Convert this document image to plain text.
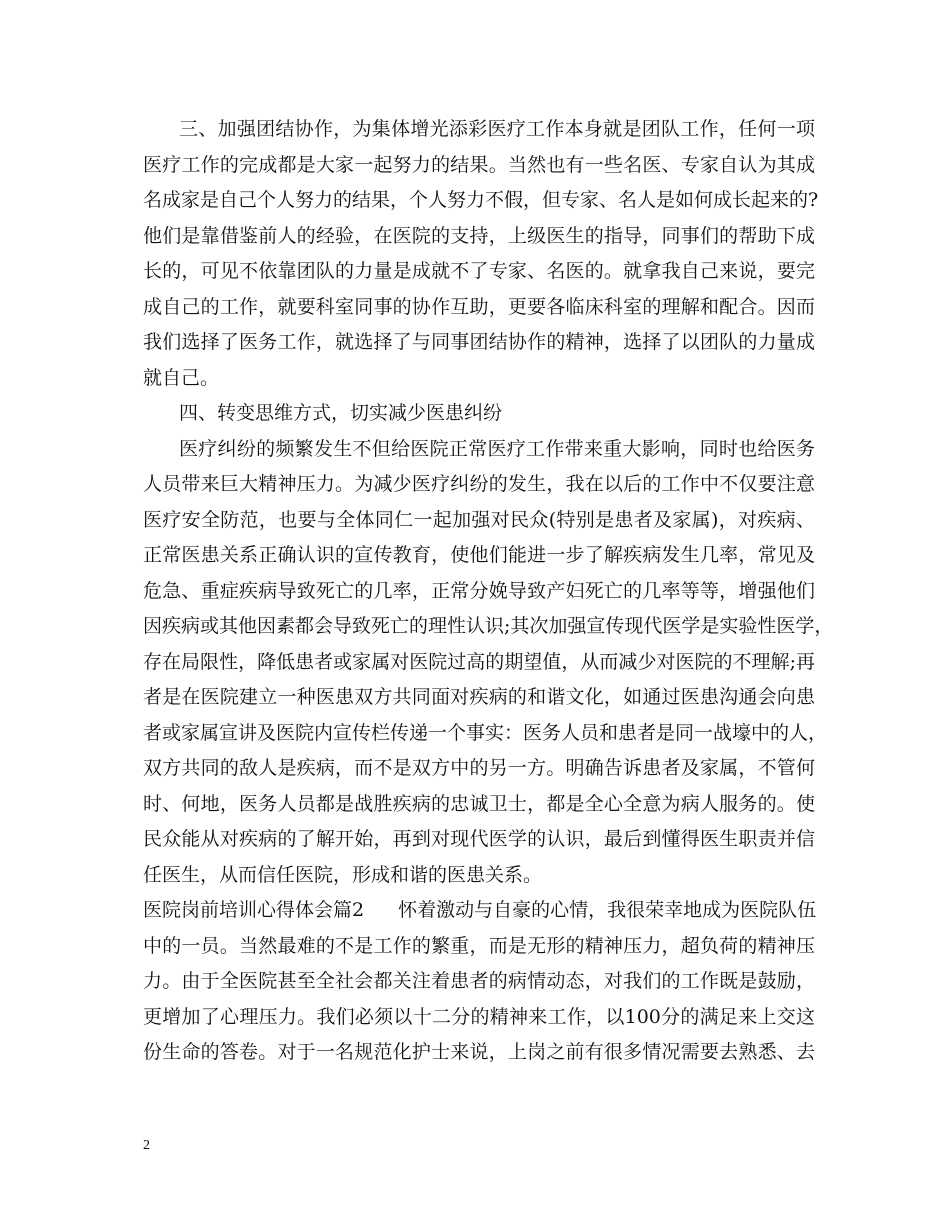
三、加强团结协作，为集体增光添彩医疗工作本身就是团队工作，任何一项
医疗工作的完成都是大家一起努力的结果。当然也有一些名医、专家自认为其成
名成家是自己个人努力的结果，个人努力不假，但专家、名人是如何成长起来的?
他们是靠借鉴前人的经验，在医院的支持，上级医生的指导，同事们的帮助下成
长的，可见不依靠团队的力量是成就不了专家、名医的。就拿我自己来说，要完
成自己的工作，就要科室同事的协作互助，更要各临床科室的理解和配合。因而
我们选择了医务工作，就选择了与同事团结协作的精神，选择了以团队的力量成
就自己。
四、转变思维方式，切实减少医患纠纷
医疗纠纷的频繁发生不但给医院正常医疗工作带来重大影响，同时也给医务
人员带来巨大精神压力。为减少医疗纠纷的发生，我在以后的工作中不仅要注意
医疗安全防范，也要与全体同仁一起加强对民众(特别是患者及家属)，对疾病、
正常医患关系正确认识的宣传教育，使他们能进一步了解疾病发生几率，常见及
危急、重症疾病导致死亡的几率，正常分娩导致产妇死亡的几率等等，增强他们
因疾病或其他因素都会导致死亡的理性认识;其次加强宣传现代医学是实验性医学，
存在局限性，降低患者或家属对医院过高的期望值，从而减少对医院的不理解;再
者是在医院建立一种医患双方共同面对疾病的和谐文化，如通过医患沟通会向患
者或家属宣讲及医院内宣传栏传递一个事实：医务人员和患者是同一战壕中的人，
双方共同的敌人是疾病，而不是双方中的另一方。明确告诉患者及家属，不管何
时、何地，医务人员都是战胜疾病的忠诚卫士，都是全心全意为病人服务的。使
民众能从对疾病的了解开始，再到对现代医学的认识，最后到懂得医生职责并信
任医生，从而信任医院，形成和谐的医患关系。
医院岗前培训心得体会篇2 怀着激动与自豪的心情，我很荣幸地成为医院队伍
中的一员。当然最难的不是工作的繁重，而是无形的精神压力，超负荷的精神压
力。由于全医院甚至全社会都关注着患者的病情动态，对我们的工作既是鼓励，
更增加了心理压力。我们必须以十二分的精神来工作，以100分的满足来上交这
份生命的答卷。对于一名规范化护士来说，上岗之前有很多情况需要去熟悉、去
2
